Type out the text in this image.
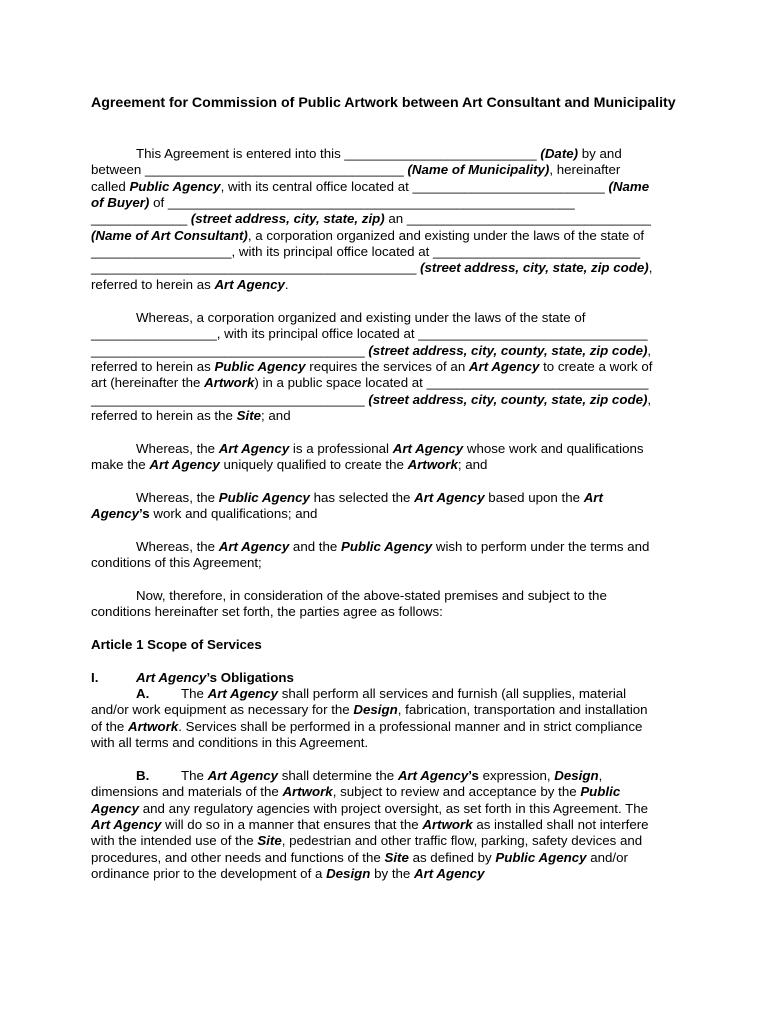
Agreement for Commission of Public Artwork between Art Consultant and Municipality
This Agreement is entered into this __________________________ (Date) by and
between ___________________________________ (Name of Municipality), hereinafter
called Public Agency, with its central office located at __________________________ (Name
of Buyer) of _______________________________________________________
_____________ (street address, city, state, zip) an _________________________________
(Name of Art Consultant), a corporation organized and existing under the laws of the state of
___________________, with its principal office located at ____________________________
____________________________________________ (street address, city, state, zip code),
referred to herein as Art Agency.
Whereas, a corporation organized and existing under the laws of the state of
_________________, with its principal office located at _______________________________
_____________________________________ (street address, city, county, state, zip code),
referred to herein as Public Agency requires the services of an Art Agency to create a work of
art (hereinafter the Artwork) in a public space located at ______________________________
_____________________________________ (street address, city, county, state, zip code),
referred to herein as the Site; and
Whereas, the Art Agency is a professional Art Agency whose work and qualifications
make the Art Agency uniquely qualified to create the Artwork; and
Whereas, the Public Agency has selected the Art Agency based upon the Art
Agency’s work and qualifications; and
Whereas, the Art Agency and the Public Agency wish to perform under the terms and
conditions of this Agreement;
Now, therefore, in consideration of the above-stated premises and subject to the
conditions hereinafter set forth, the parties agree as follows:
Article 1 Scope of Services
I.	Art Agency’s Obligations
A. The Art Agency shall perform all services and furnish (all supplies, material
and/or work equipment as necessary for the Design, fabrication, transportation and installation
of the Artwork. Services shall be performed in a professional manner and in strict compliance
with all terms and conditions in this Agreement.
B. The Art Agency shall determine the Art Agency’s expression, Design,
dimensions and materials of the Artwork, subject to review and acceptance by the Public
Agency and any regulatory agencies with project oversight, as set forth in this Agreement. The
Art Agency will do so in a manner that ensures that the Artwork as installed shall not interfere
with the intended use of the Site, pedestrian and other traffic flow, parking, safety devices and
procedures, and other needs and functions of the Site as defined by Public Agency and/or
ordinance prior to the development of a Design by the Art Agency
